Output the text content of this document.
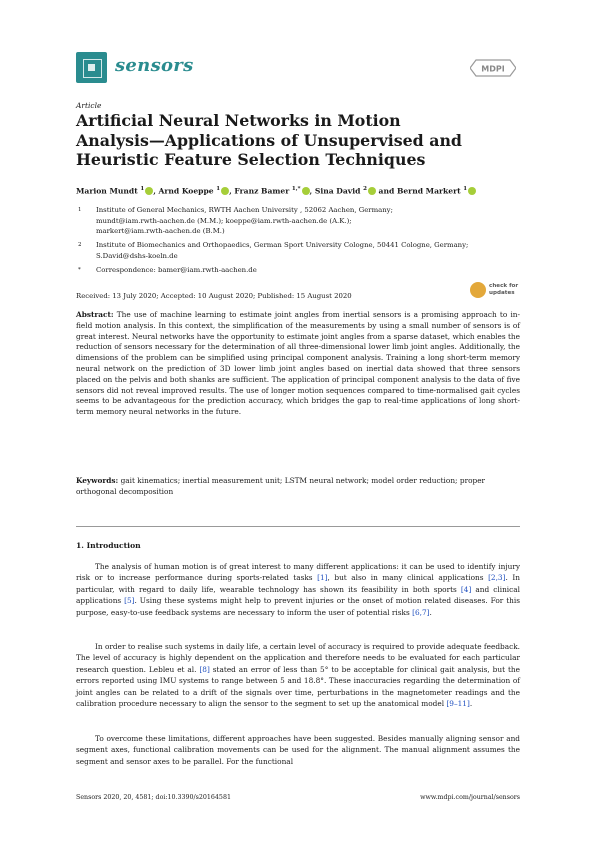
sensors	MDPI
Article
Artificial Neural Networks in Motion Analysis—Applications of Unsupervised and Heuristic Feature Selection Techniques
Marion Mundt $^1$ , Arnd Koeppe $^1$ , Franz Bamer $^{1,*}$ , Sina David $^2$ and Bernd Markert $^1$
1 Institute of General Mechanics, RWTH Aachen University , 52062 Aachen, Germany;
mundt@iam.rwth-aachen.de (M.M.); koeppe@iam.rwth-aachen.de (A.K.);
markert@iam.rwth-aachen.de (B.M.)
2 Institute of Biomechanics and Orthopaedics, German Sport University Cologne, 50441 Cologne, Germany;
S.David@dshs-koeln.de
* Correspondence: bamer@iam.rwth-aachen.de
Received: 13 July 2020; Accepted: 10 August 2020; Published: 15 August 2020
check for
updates
Abstract: The use of machine learning to estimate joint angles from inertial sensors is a promising approach to in-field motion analysis. In this context, the simplification of the measurements by using a small number of sensors is of great interest. Neural networks have the opportunity to estimate joint angles from a sparse dataset, which enables the reduction of sensors necessary for the determination of all three-dimensional lower limb joint angles. Additionally, the dimensions of the problem can be simplified using principal component analysis. Training a long short-term memory neural network on the prediction of 3D lower limb joint angles based on inertial data showed that three sensors placed on the pelvis and both shanks are sufficient. The application of principal component analysis to the data of five sensors did not reveal improved results. The use of longer motion sequences compared to time-normalised gait cycles seems to be advantageous for the prediction accuracy, which bridges the gap to real-time applications of long short-term memory neural networks in the future.
Keywords: gait kinematics; inertial measurement unit; LSTM neural network; model order reduction; proper orthogonal decomposition
1. Introduction
The analysis of human motion is of great interest to many different applications: it can be used to identify injury risk or to increase performance during sports-related tasks [1], but also in many clinical applications [2,3]. In particular, with regard to daily life, wearable technology has shown its feasibility in both sports [4] and clinical applications [5]. Using these systems might help to prevent injuries or the onset of motion related diseases. For this purpose, easy-to-use feedback systems are necessary to inform the user of potential risks [6,7].
In order to realise such systems in daily life, a certain level of accuracy is required to provide adequate feedback. The level of accuracy is highly dependent on the application and therefore needs to be evaluated for each particular research question. Lebleu et al. [8] stated an error of less than 5° to be acceptable for clinical gait analysis, but the errors reported using IMU systems to range between 5 and 18.8°. These inaccuracies regarding the determination of joint angles can be related to a drift of the signals over time, perturbations in the magnetometer readings and the calibration procedure necessary to align the sensor to the segment to set up the anatomical model [9–11].
To overcome these limitations, different approaches have been suggested. Besides manually aligning sensor and segment axes, functional calibration movements can be used for the alignment. The manual alignment assumes the segment and sensor axes to be parallel. For the functional
Sensors 2020, 20, 4581; doi:10.3390/s20164581	www.mdpi.com/journal/sensors
